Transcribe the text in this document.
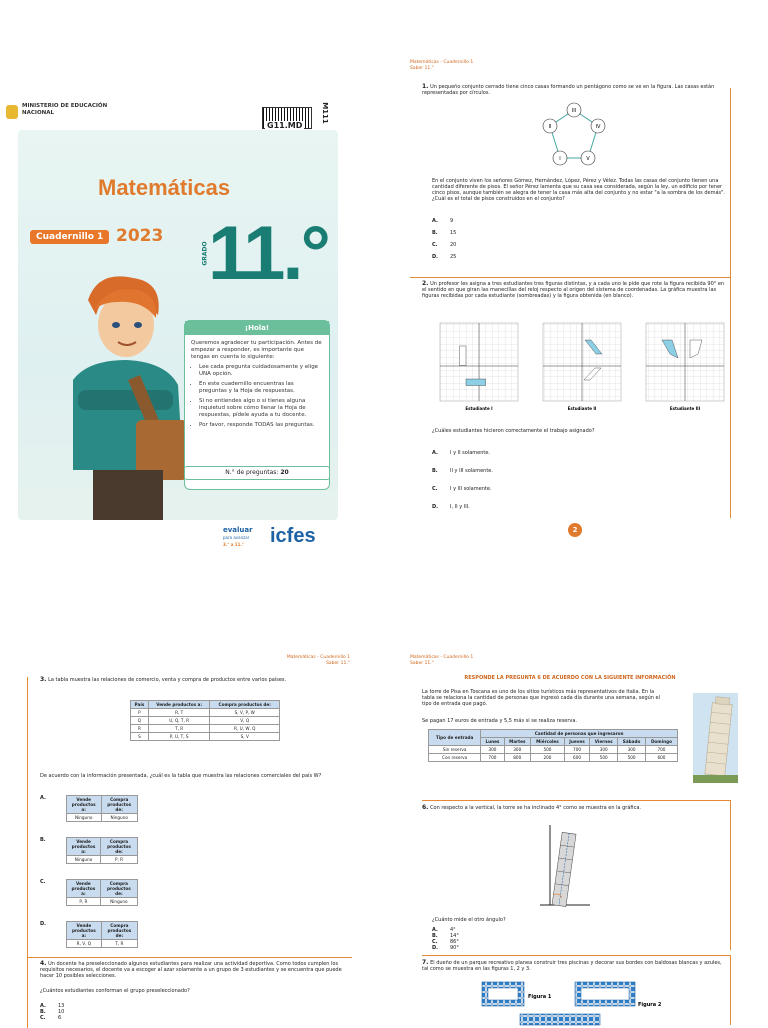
MINISTERIO DE EDUCACIÓN
NACIONAL
G11.MD
M111
Matemáticas
Cuadernillo 1 2023
GRADO 11.°
¡Hola!
Queremos agradecer tu participación. Antes de empezar a responder, es importante que tengas en cuenta lo siguiente:
• Lee cada pregunta cuidadosamente y elige UNA opción.
• En este cuadernillo encuentras las preguntas y la Hoja de respuestas.
• Si no entiendes algo o si tienes alguna inquietud sobre cómo llenar la Hoja de respuestas, pídele ayuda a tu docente.
• Por favor, responde TODAS las preguntas.
N.° de preguntas: 20
evaluar
para avanzar
3.° a 11.°	icfes
Matemáticas - Cuadernillo 1
Saber 11.°
1. Un pequeño conjunto cerrado tiene cinco casas formando un pentágono como se ve en la figura. Las casas están representadas por círculos.
III
II	IV
I	V
En el conjunto viven los señores Gómez, Hernández, López, Pérez y Vélez. Todas las casas del conjunto tienen una cantidad diferente de pisos. El señor Pérez lamenta que su casa sea considerada, según la ley, un edificio por tener cinco pisos, aunque también se alegra de tener la casa más alta del conjunto y no estar "a la sombra de los demás". ¿Cuál es el total de pisos construidos en el conjunto?
A.	9
B.	15
C.	20
D.	25
2. Un profesor les asigna a tres estudiantes tres figuras distintas, y a cada uno le pide que rote la figura recibida 90° en el sentido en que giran las manecillas del reloj respecto al origen del sistema de coordenadas. La gráfica muestra las figuras recibidas por cada estudiante (sombreadas) y la figura obtenida (en blanco).
Estudiante I	Estudiante II	Estudiante III
¿Cuáles estudiantes hicieron correctamente el trabajo asignado?
A.	I y II solamente.
B.	II y III solamente.
C.	I y III solamente.
D.	I, II y III.
2
Matemáticas - Cuadernillo 1
Saber 11.°
3. La tabla muestra las relaciones de comercio, venta y compra de productos entre varios países.
País	Vende productos a:	Compra productos de:
P	R, T	S, V, P, W
Q	U, Q, T, R	V, Q
R	T, R	R, U, W, Q
S	P, U, T, S	S, V
De acuerdo con la información presentada, ¿cuál es la tabla que muestra las relaciones comerciales del país W?
A.	Vende productos a:	Compra productos de:
Ninguno	Ninguno
B.	Vende productos a:	Compra productos de:
Ninguno	P, R
C.	Vende productos a:	Compra productos de:
P, R	Ninguno
D.	Vende productos a:	Compra productos de:
R, V, Q	T, R
4. Un docente ha preseleccionado algunos estudiantes para realizar una actividad deportiva. Como todos cumplen los requisitos necesarios, el docente va a escoger al azar solamente a un grupo de 3 estudiantes y se encuentra que puede hacer 10 posibles selecciones.
¿Cuántos estudiantes conforman el grupo preseleccionado?
A.	13
B.	10
C.	6
Matemáticas - Cuadernillo 1
Saber 11.°
RESPONDE LA PREGUNTA 6 DE ACUERDO CON LA SIGUIENTE INFORMACIÓN
La torre de Pisa en Toscana es uno de los sitios turísticos más representativos de Italia. En la tabla se relaciona la cantidad de personas que ingresó cada día durante una semana, según el tipo de entrada que pagó.
Se pagan 17 euros de entrada y 5,5 más si se realiza reserva.
Tipo de entrada	Cantidad de personas que ingresaron						
	Lunes	Martes	Miércoles	Jueves	Viernes	Sábado	Domingo
Sin reserva	300	300	500	700	300	300	700
Con reserva	700	800	200	600	500	500	600
6. Con respecto a la vertical, la torre se ha inclinado 4° como se muestra en la gráfica.
¿Cuánto mide el otro ángulo?
A.	4°
B.	14°
C.	86°
D.	90°
7. El dueño de un parque recreativo planea construir tres piscinas y decorar sus bordes con baldosas blancas y azules, tal como se muestra en las figuras 1, 2 y 3.
Figura 1
Figura 2
